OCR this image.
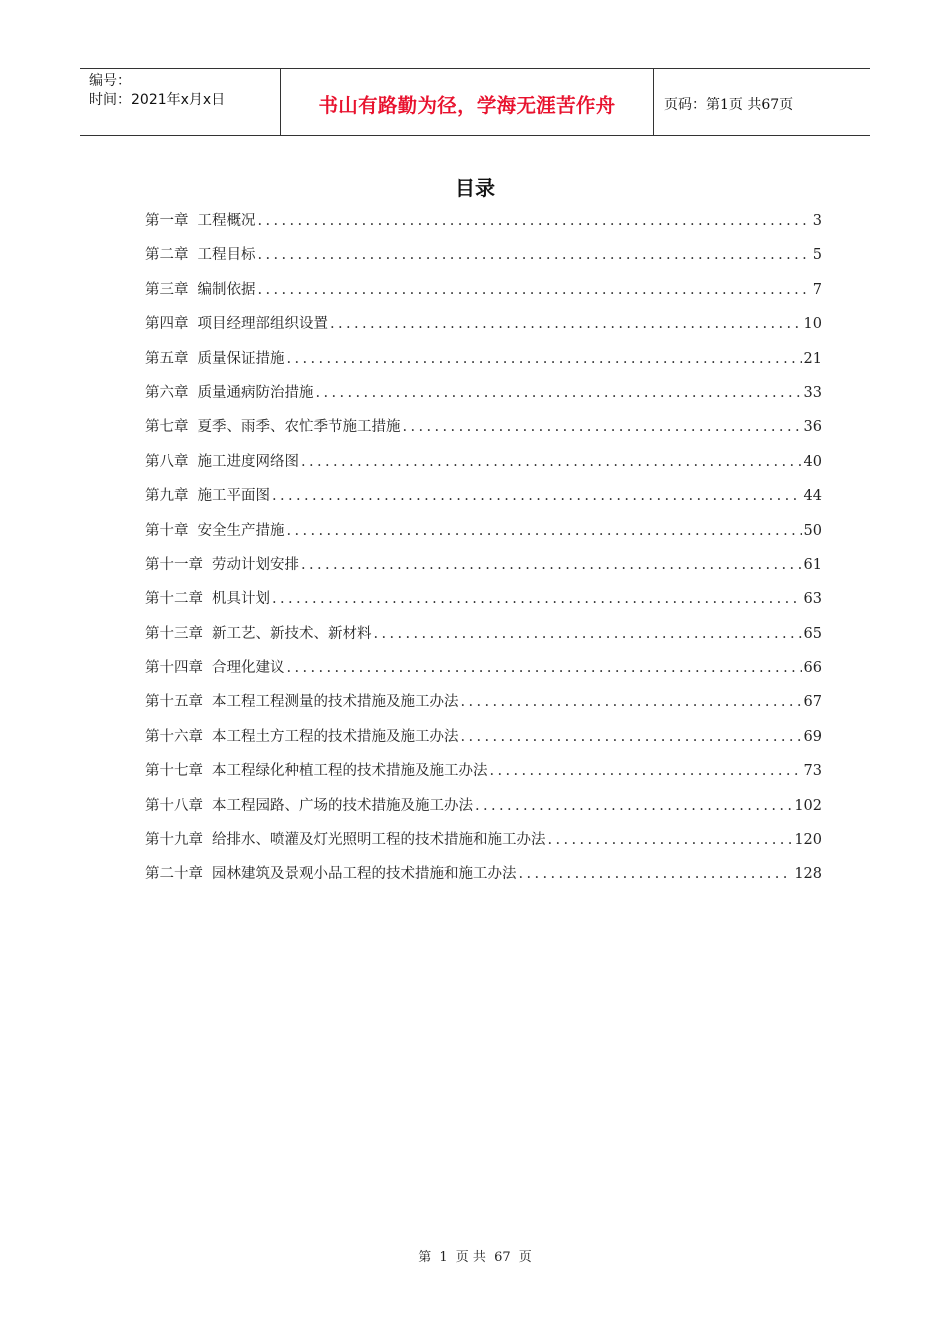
编号：
时间：2021年x月x日	书山有路勤为径，学海无涯苦作舟	页码：第1页 共67页
目录
第一章 工程概况 .....	3
第二章 工程目标 .....	5
第三章 编制依据 .....	7
第四章 项目经理部组织设置 .....	10
第五章 质量保证措施 .....	21
第六章 质量通病防治措施 .....	33
第七章 夏季、雨季、农忙季节施工措施 .....	36
第八章 施工进度网络图 .....	40
第九章 施工平面图 .....	44
第十章 安全生产措施 .....	50
第十一章 劳动计划安排 .....	61
第十二章 机具计划 .....	63
第十三章 新工艺、新技术、新材料 .....	65
第十四章 合理化建议 .....	66
第十五章 本工程工程测量的技术措施及施工办法 .....	67
第十六章 本工程土方工程的技术措施及施工办法 .....	69
第十七章 本工程绿化种植工程的技术措施及施工办法 .....	73
第十八章 本工程园路、广场的技术措施及施工办法 .....	102
第十九章 给排水、喷灌及灯光照明工程的技术措施和施工办法 .....	120
第二十章 园林建筑及景观小品工程的技术措施和施工办法 .....	128
第 1 页 共 67 页
